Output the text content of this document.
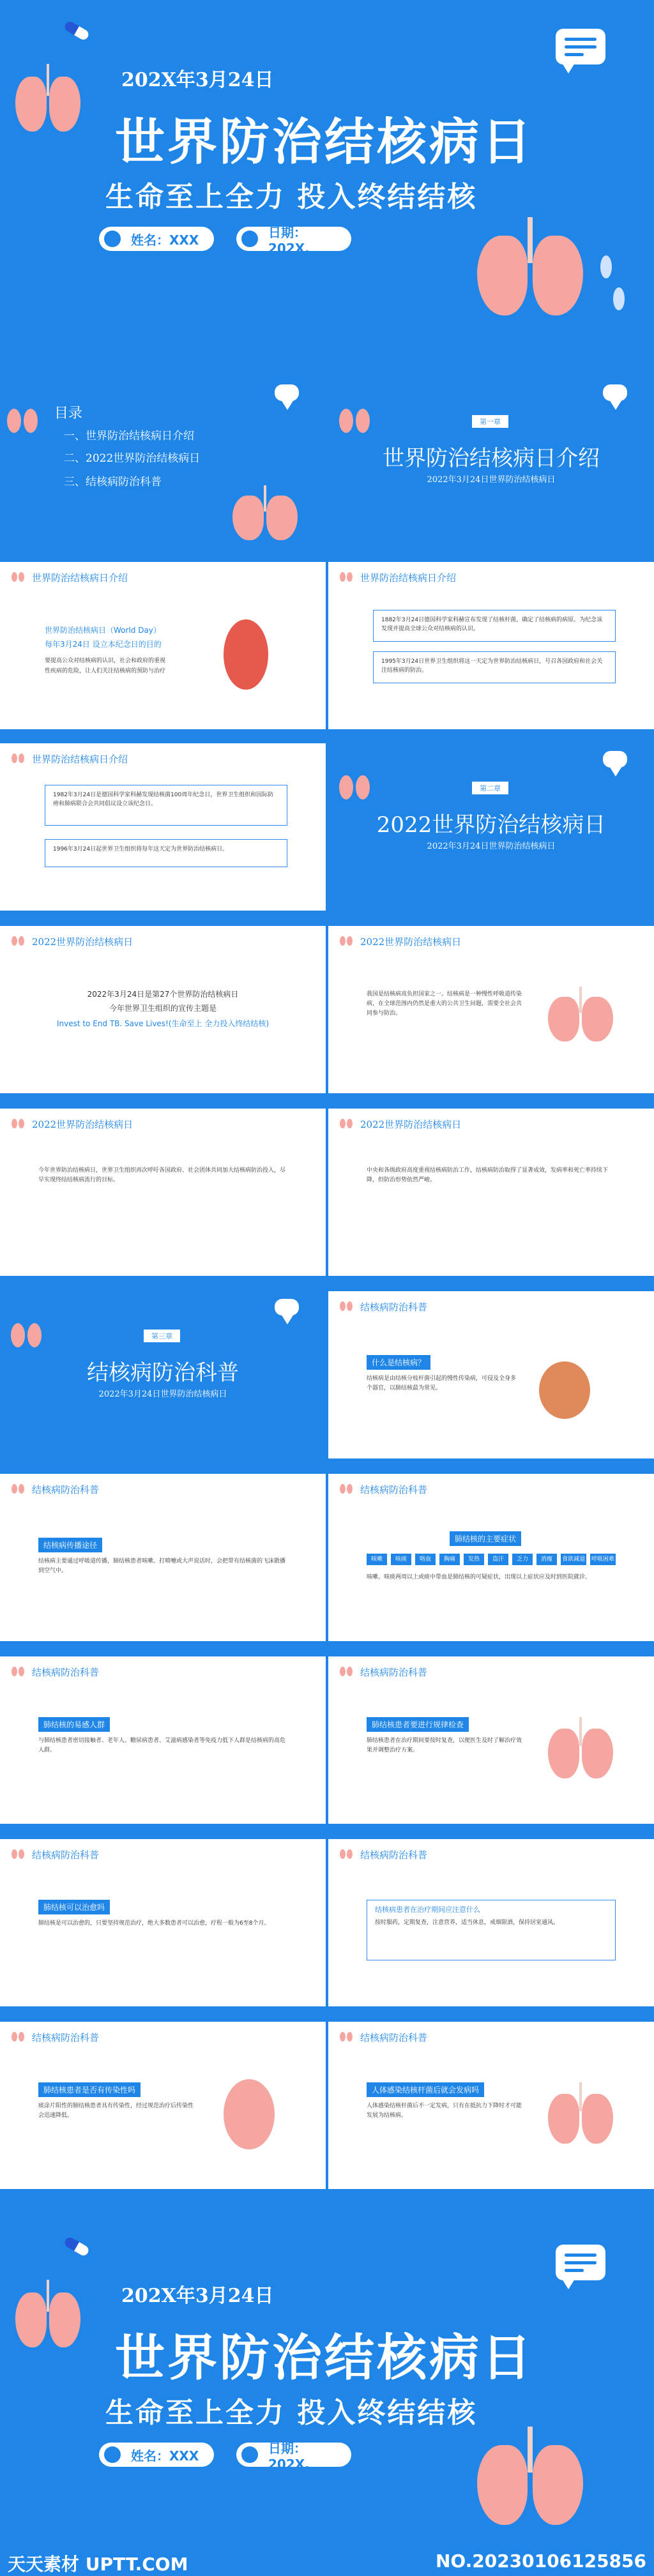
202X年3月24日
世界防治结核病日
生命至上全力 投入终结结核
姓名：XXX	日期：202X.
目录
一、世界防治结核病日介绍
二、2022世界防治结核病日
三、结核病防治科普
第一章
世界防治结核病日介绍
2022年3月24日世界防治结核病日
世界防治结核病日介绍
世界防治结核病日（World Day）
每年3月24日 设立本纪念日的目的
要提高公众对结核病的认识，社会和政府的重视
性疾病的危险，让人们关注结核病的预防与治疗
世界防治结核病日介绍
1882年3月24日德国科学家科赫宣布发现了结核杆菌，确定了结核病的病原。为纪念该发现并提高全球公众对结核病的认识。
1995年3月24日世界卫生组织将这一天定为世界防治结核病日，号召各国政府和社会关注结核病的防治。
世界防治结核病日介绍
1982年3月24日是德国科学家科赫发现结核菌100周年纪念日，世界卫生组织和国际防痨和肺病联合会共同倡议设立该纪念日。
1996年3月24日起世界卫生组织将每年这天定为世界防治结核病日。
第二章
2022世界防治结核病日
2022年3月24日世界防治结核病日
2022世界防治结核病日
2022年3月24日是第27个世界防治结核病日
今年世界卫生组织的宣传主题是
Invest to End TB. Save Lives!(生命至上 全力投入终结结核)
2022世界防治结核病日
我国是结核病高负担国家之一。结核病是一种慢性呼吸道传染病，在全球范围内仍然是重大的公共卫生问题，需要全社会共同参与防治。
2022世界防治结核病日
今年世界防治结核病日，世界卫生组织再次呼吁各国政府、社会团体共同加大结核病防治投入，尽早实现终结结核病流行的目标。
2022世界防治结核病日
中央和各级政府高度重视结核病防治工作，结核病防治取得了显著成效，发病率和死亡率持续下降，但防治形势依然严峻。
第三章
结核病防治科普
2022年3月24日世界防治结核病日
结核病防治科普
什么是结核病？
结核病是由结核分枝杆菌引起的慢性传染病，可侵及全身多个器官，以肺结核最为常见。
结核病防治科普
结核病传播途径
结核病主要通过呼吸道传播，肺结核患者咳嗽、打喷嚏或大声说话时，会把带有结核菌的飞沫散播到空气中。
结核病防治科普
肺结核的主要症状
咳嗽	咳痰	咯血	胸痛	发热	盗汗	乏力	消瘦	食欲减退 呼吸困难
咳嗽、咳痰两周以上或痰中带血是肺结核的可疑症状，出现以上症状应及时到医院就诊。
结核病防治科普
肺结核的易感人群
与肺结核患者密切接触者、老年人、糖尿病患者、艾滋病感染者等免疫力低下人群是结核病的高危人群。
结核病防治科普
肺结核患者要进行规律检查
肺结核患者在治疗期间要按时复查，以便医生及时了解治疗效果并调整治疗方案。
结核病防治科普
肺结核可以治愈吗
肺结核是可以治愈的，只要坚持规范治疗，绝大多数患者可以治愈，疗程一般为6至8个月。
结核病防治科普
结核病患者在治疗期间应注意什么
按时服药，定期复查，注意营养，适当休息，戒烟限酒，保持居室通风。
结核病防治科普
肺结核患者是否有传染性吗
痰涂片阳性的肺结核患者具有传染性，经过规范治疗后传染性会迅速降低。
结核病防治科普
人体感染结核杆菌后就会发病吗
人体感染结核杆菌后不一定发病，只有在抵抗力下降时才可能发展为结核病。
202X年3月24日
世界防治结核病日
生命至上全力 投入终结结核
姓名：XXX	日期：202X.
天天素材 UPTT.COM	NO.20230106125856
